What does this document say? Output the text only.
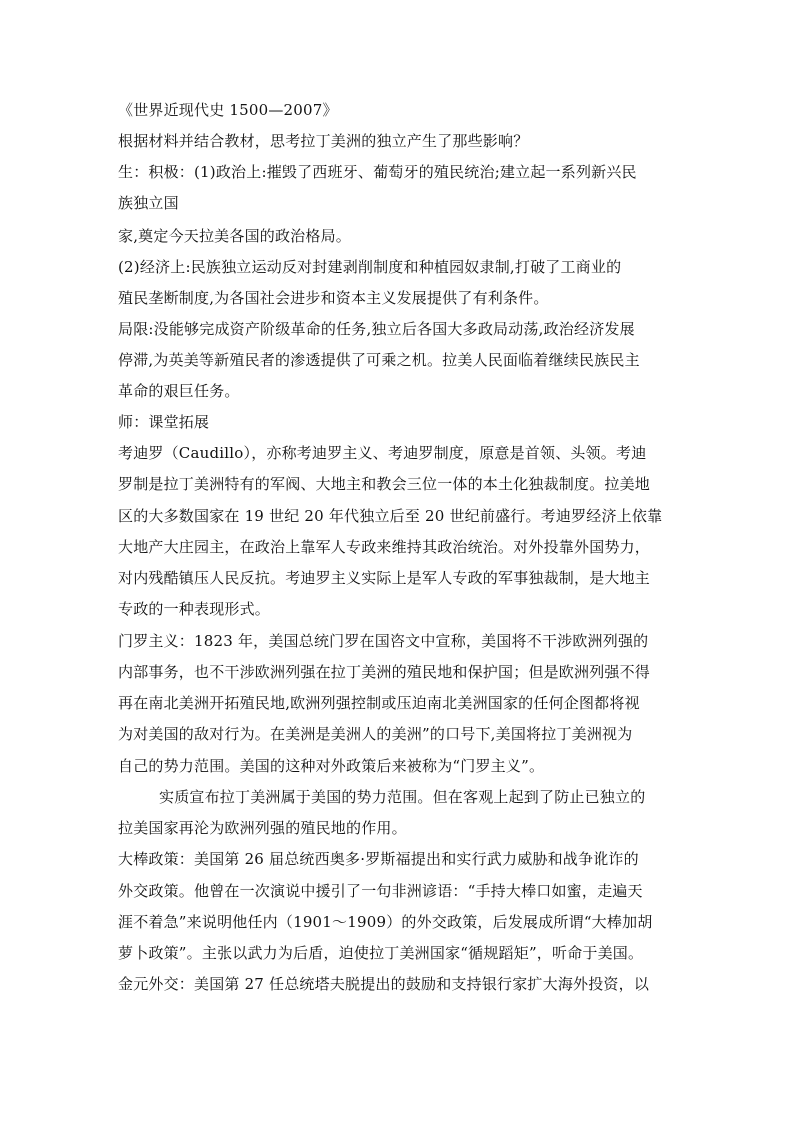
《世界近现代史 1500—2007》
根据材料并结合教材，思考拉丁美洲的独立产生了那些影响？
生：积极：(1)政治上:摧毁了西班牙、葡萄牙的殖民统治;建立起一系列新兴民
族独立国
家,奠定今天拉美各国的政治格局。
(2)经济上:民族独立运动反对封建剥削制度和种植园奴隶制,打破了工商业的
殖民垄断制度,为各国社会进步和资本主义发展提供了有利条件。
局限:没能够完成资产阶级革命的任务,独立后各国大多政局动荡,政治经济发展
停滞,为英美等新殖民者的渗透提供了可乘之机。拉美人民面临着继续民族民主
革命的艰巨任务。
师：课堂拓展
考迪罗（Caudillo），亦称考迪罗主义、考迪罗制度，原意是首领、头领。考迪
罗制是拉丁美洲特有的军阀、大地主和教会三位一体的本土化独裁制度。拉美地
区的大多数国家在 19 世纪 20 年代独立后至 20 世纪前盛行。考迪罗经济上依靠
大地产大庄园主，在政治上靠军人专政来维持其政治统治。对外投靠外国势力，
对内残酷镇压人民反抗。考迪罗主义实际上是军人专政的军事独裁制，是大地主
专政的一种表现形式。
门罗主义：1823 年，美国总统门罗在国咨文中宣称，美国将不干涉欧洲列强的
内部事务，也不干涉欧洲列强在拉丁美洲的殖民地和保护国；但是欧洲列强不得
再在南北美洲开拓殖民地,欧洲列强控制或压迫南北美洲国家的任何企图都将视
为对美国的敌对行为。在美洲是美洲人的美洲”的口号下,美国将拉丁美洲视为
自己的势力范围。美国的这种对外政策后来被称为“门罗主义”。
实质宣布拉丁美洲属于美国的势力范围。但在客观上起到了防止已独立的
拉美国家再沦为欧洲列强的殖民地的作用。
大棒政策：美国第 26 届总统西奥多·罗斯福提出和实行武力威胁和战争讹诈的
外交政策。他曾在一次演说中援引了一句非洲谚语：“手持大棒口如蜜，走遍天
涯不着急”来说明他任内（1901～1909）的外交政策，后发展成所谓“大棒加胡
萝卜政策”。主张以武力为后盾，迫使拉丁美洲国家“循规蹈矩”，听命于美国。
金元外交：美国第 27 任总统塔夫脱提出的鼓励和支持银行家扩大海外投资，以
